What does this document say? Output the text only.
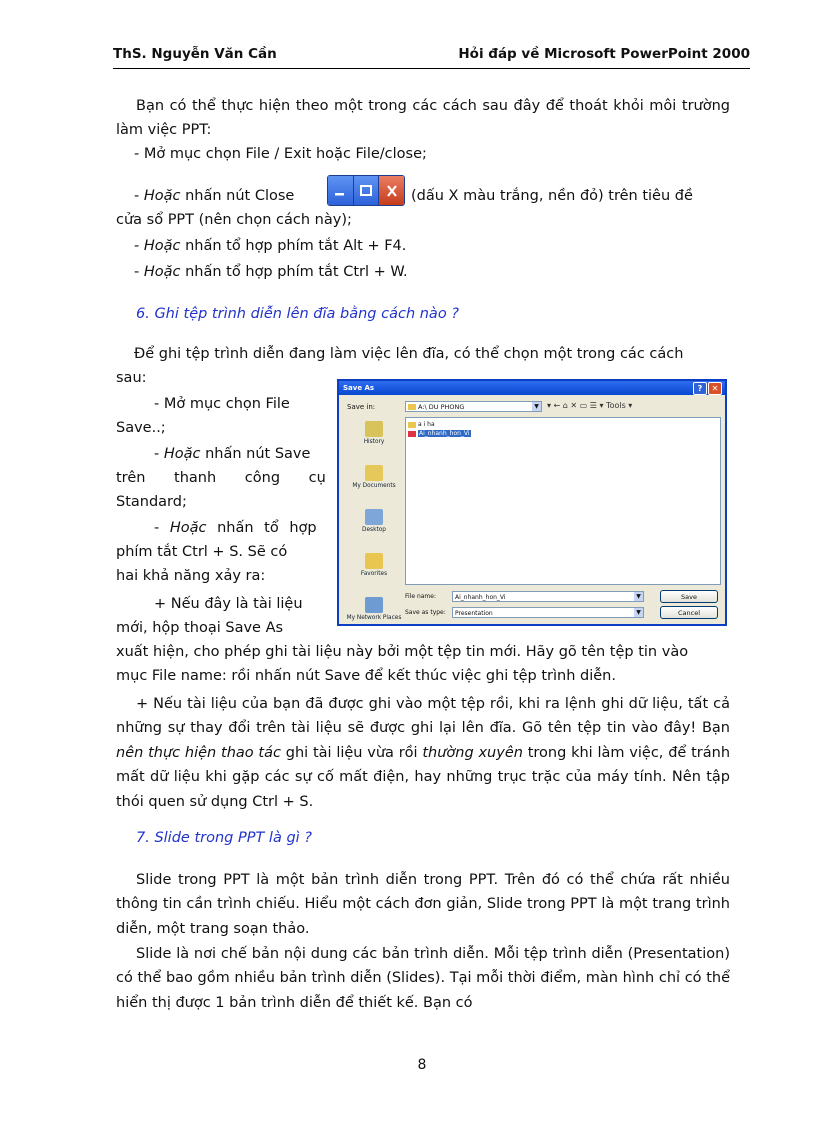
ThS. Nguyễn Văn Cần	Hỏi đáp về Microsoft PowerPoint 2000

Bạn có thể thực hiện theo một trong các cách sau đây để thoát khỏi môi trường làm việc PPT:

- Mở mục chọn File / Exit hoặc File/close;

- Hoặc nhấn nút Close	(dấu X màu trắng, nền đỏ) trên tiêu đề

cửa sổ PPT (nên chọn cách này);

- Hoặc nhấn tổ hợp phím tắt Alt + F4.

- Hoặc nhấn tổ hợp phím tắt Ctrl + W.

6. Ghi tệp trình diễn lên đĩa bằng cách nào ?

Để ghi tệp trình diễn đang làm việc lên đĩa, có thể chọn một trong các cách

sau:

- Mở mục chọn File

Save..;

- Hoặc nhấn nút Save

trên thanh công cụ

Standard;

- Hoặc nhấn tổ hợp

phím tắt Ctrl + S. Sẽ có

hai khả năng xảy ra:

+ Nếu đây là tài liệu

mới, hộp thoại Save As

xuất hiện, cho phép ghi tài liệu này bởi một tệp tin mới. Hãy gõ tên tệp tin vào

mục File name: rồi nhấn nút Save để kết thúc việc ghi tệp trình diễn.

+ Nếu tài liệu của bạn đã được ghi vào một tệp rồi, khi ra lệnh ghi dữ liệu, tất cả những sự thay đổi trên tài liệu sẽ được ghi lại lên đĩa. Gõ tên tệp tin vào đây! Bạn nên thực hiện thao tác ghi tài liệu vừa rồi thường xuyên trong khi làm việc, để tránh mất dữ liệu khi gặp các sự cố mất điện, hay những trục trặc của máy tính. Nên tập thói quen sử dụng Ctrl + S.

Save As	?	✕
Save in:	A:\ DU PHONG	▼ ▾ ← ⌂ ✕ ▭ ☰ ▾ Tools ▾
History
My Documents
Desktop
Favorites
My Network Places
a i ha
Ai_nhanh_hon_Vi
File name:	Ai_nhanh_hon_Vi	▼
Save as type:	Presentation	▼
Save
Cancel

7. Slide trong PPT là gì ?

Slide trong PPT là một bản trình diễn trong PPT. Trên đó có thể chứa rất nhiều thông tin cần trình chiếu. Hiểu một cách đơn giản, Slide trong PPT là một trang trình diễn, một trang soạn thảo.

Slide là nơi chế bản nội dung các bản trình diễn. Mỗi tệp trình diễn (Presentation) có thể bao gồm nhiều bản trình diễn (Slides). Tại mỗi thời điểm, màn hình chỉ có thể hiển thị được 1 bản trình diễn để thiết kế. Bạn có

8
